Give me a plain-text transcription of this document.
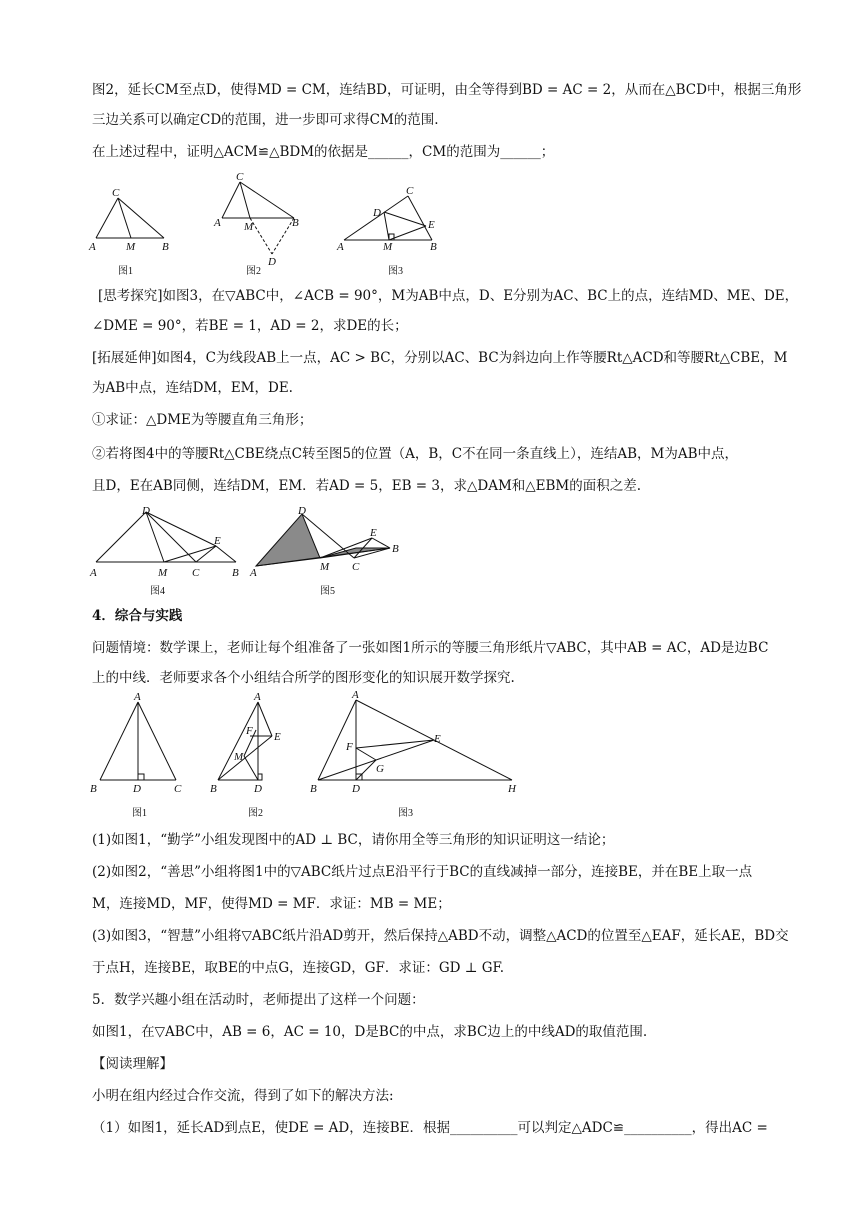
图2，延长CM至点D，使得MD = CM，连结BD，可证明，由全等得到BD = AC = 2，从而在△BCD中，根据三角形
三边关系可以确定CD的范围，进一步即可求得CM的范围.
在上述过程中，证明△ACM≌△BDM的依据是______，CM的范围为______；
C
A	M B
图1
C
A M	B
D
图2
C
D
E
A	M	B
图3
[思考探究]如图3，在▽ABC中，∠ACB = 90°，M为AB中点，D、E分别为AC、BC上的点，连结MD、ME、DE，
∠DME = 90°，若BE = 1，AD = 2，求DE的长；
[拓展延伸]如图4，C为线段AB上一点，AC > BC，分别以AC、BC为斜边向上作等腰Rt△ACD和等腰Rt△CBE，M
为AB中点，连结DM，EM，DE.
①求证：△DME为等腰直角三角形；
②若将图4中的等腰Rt△CBE绕点C转至图5的位置（A，B，C不在同一条直线上），连结AB，M为AB中点，
且D，E在AB同侧，连结DM，EM．若AD = 5，EB = 3，求△DAM和△EBM的面积之差.
D
E
A	M C	B
图4
D
E
B
A	M C
图5
4．综合与实践
问题情境：数学课上，老师让每个组准备了一张如图1所示的等腰三角形纸片▽ABC，其中AB = AC，AD是边BC
上的中线．老师要求各个小组结合所学的图形变化的知识展开数学探究.
A
B	D	C
图1
A
F E
M
B	D
图2
A
F
E
G
B	D	H
图3
(1)如图1，“勤学”小组发现图中的AD ⊥ BC，请你用全等三角形的知识证明这一结论；
(2)如图2，“善思”小组将图1中的▽ABC纸片过点E沿平行于BC的直线减掉一部分，连接BE，并在BE上取一点
M，连接MD，MF，使得MD = MF．求证：MB = ME；
(3)如图3，“智慧”小组将▽ABC纸片沿AD剪开，然后保持△ABD不动，调整△ACD的位置至△EAF，延长AE，BD交
于点H，连接BE，取BE的中点G，连接GD，GF．求证：GD ⊥ GF.
5．数学兴趣小组在活动时，老师提出了这样一个问题：
如图1，在▽ABC中，AB = 6，AC = 10，D是BC的中点，求BC边上的中线AD的取值范围.
【阅读理解】
小明在组内经过合作交流，得到了如下的解决方法:
（1）如图1，延长AD到点E，使DE = AD，连接BE．根据__________可以判定△ADC≌__________，得出AC =
